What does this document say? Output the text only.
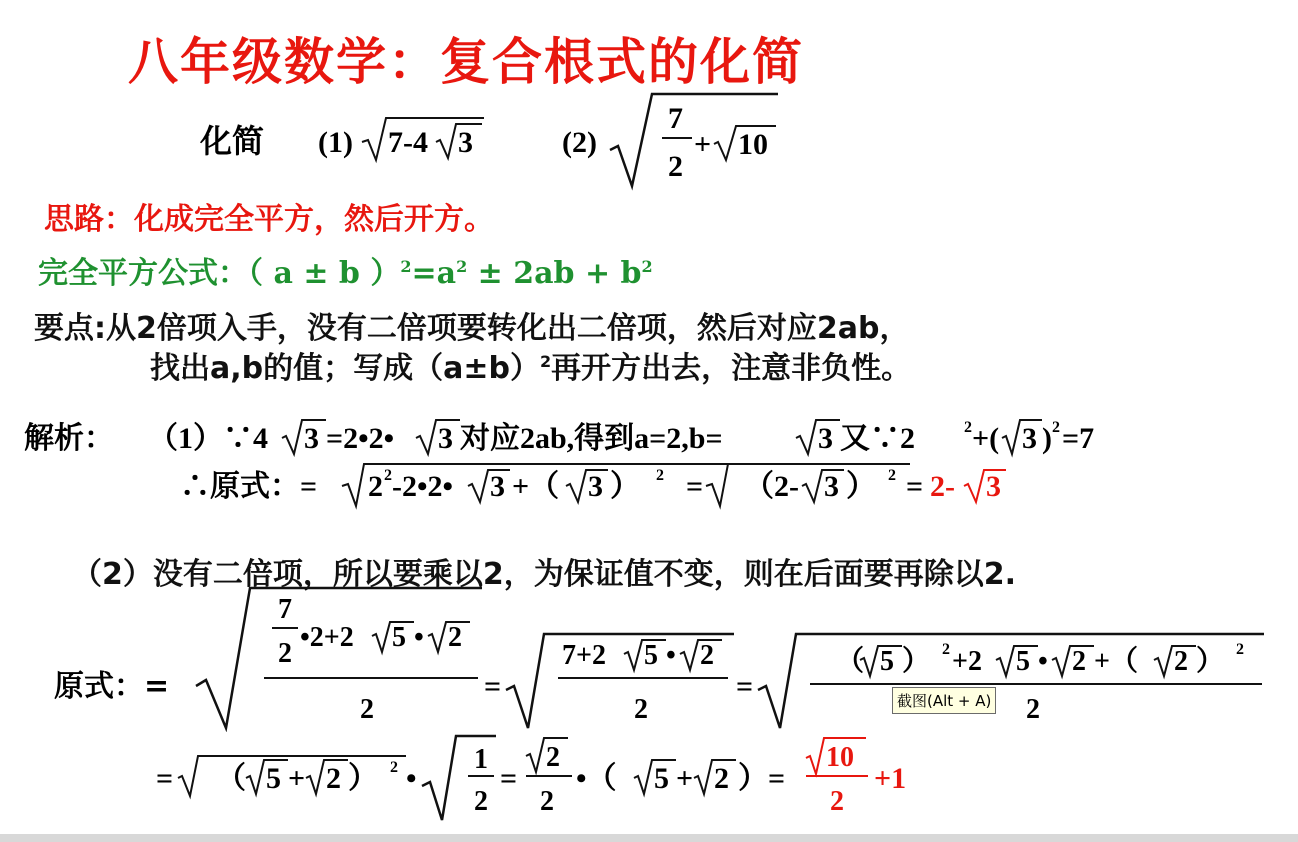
八年级数学：复合根式的化简
化简 (1) 7-4 3	(2)
7
2
+ 10
思路：化成完全平方，然后开方。
完全平方公式：（ a ± b ）$^2=a^2 \pm 2ab + b^2$
要点:从2倍项入手，没有二倍项要转化出二倍项，然后对应2ab，
找出a,b的值；写成$(a\pm b)^2$再开方出去，注意非负性。
解析： （1）∵4 3 =2•2• 3 对应2ab,得到a=2,b=	3 又∵2	2 +( 3 ) 2 =7
∴原式：= 2 2 -2•2• 3 +（ 3 ） 2 = （2- 3 ） 2 = 2- 3
（2）没有二倍项，所以要乘以2，为保证值不变，则在后面要再除以2.
原式：=
7
2
•2+2 5 • 2
2
=
7+2 5 • 2
2
=
（ 5 ） 2 +2 5 • 2 +（ 2 ） 2
2
= （ 5 + 2 ） 2 •
1
2
=
2
2
•（ 5 + 2 ）=
10
2
+1
截图(Alt + A)
